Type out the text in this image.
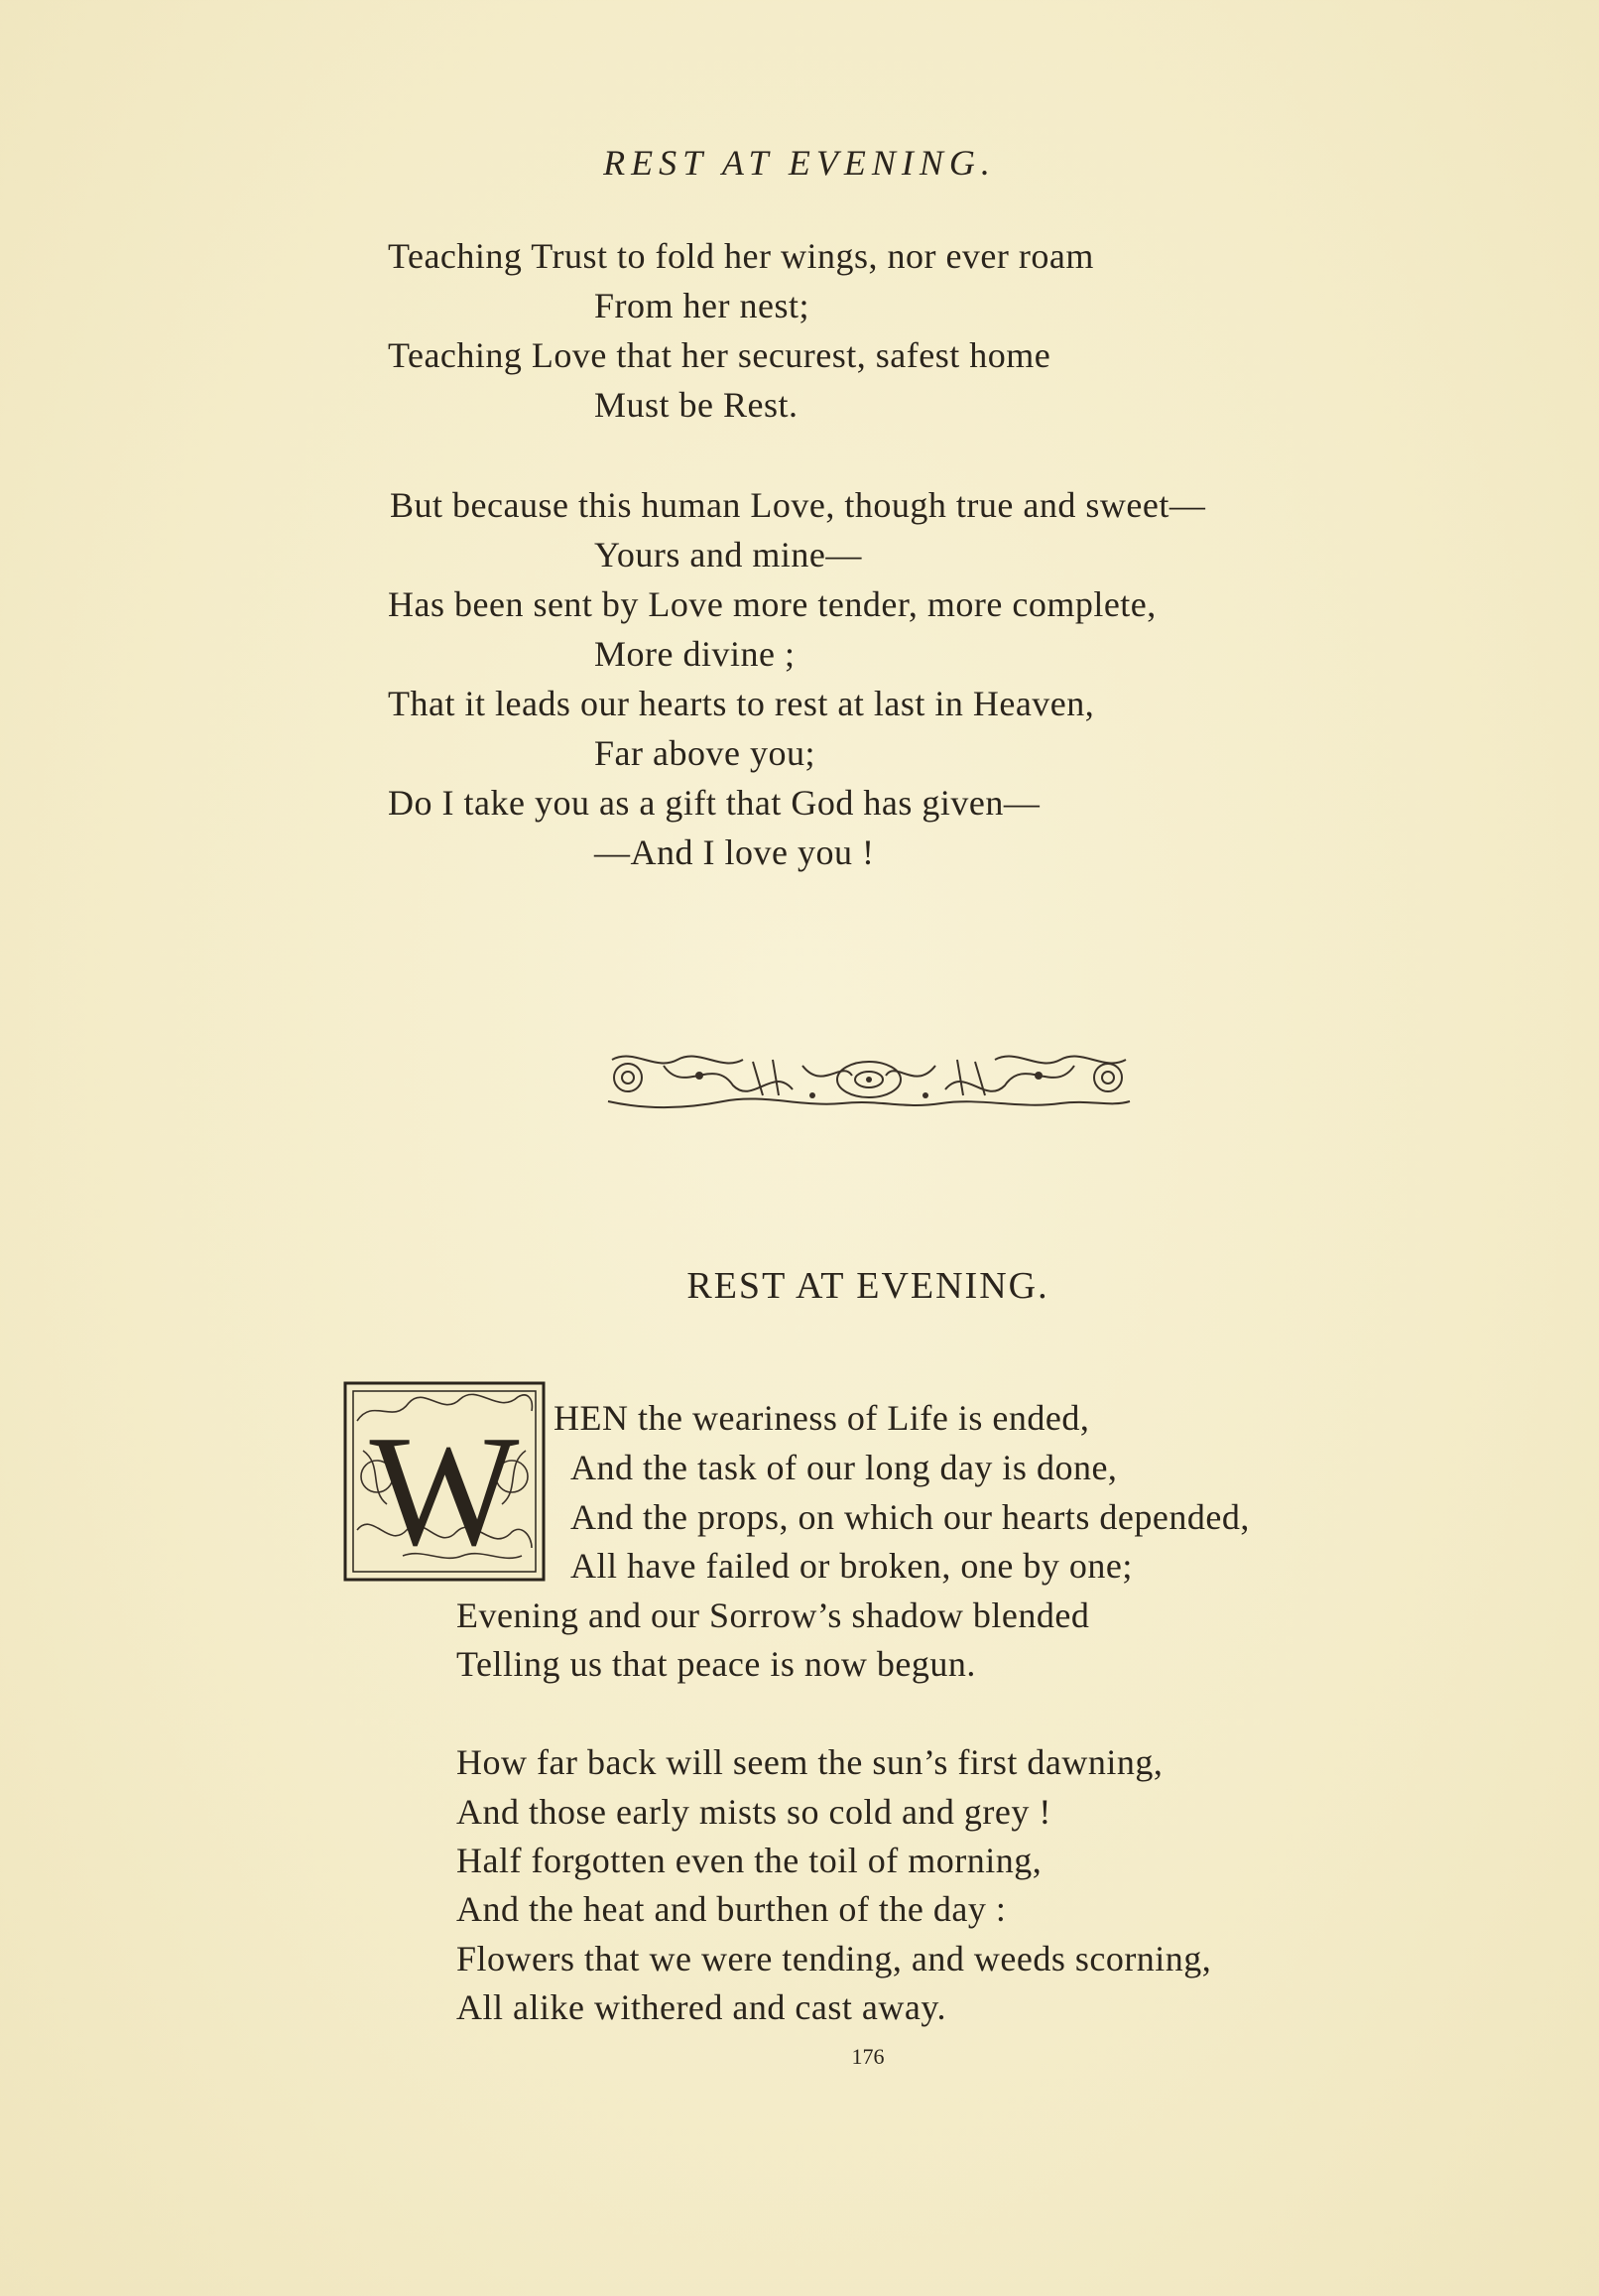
REST AT EVENING.
Teaching Trust to fold her wings, nor ever roam
From her nest;
Teaching Love that her securest, safest home
Must be Rest.
But because this human Love, though true and sweet—
Yours and mine—
Has been sent by Love more tender, more complete,
More divine ;
That it leads our hearts to rest at last in Heaven,
Far above you;
Do I take you as a gift that God has given—
—And I love you !
REST AT EVENING.
W HEN the weariness of Life is ended,
And the task of our long day is done,
And the props, on which our hearts depended,
All have failed or broken, one by one;
Evening and our Sorrow’s shadow blended
Telling us that peace is now begun.
How far back will seem the sun’s first dawning,
And those early mists so cold and grey !
Half forgotten even the toil of morning,
And the heat and burthen of the day :
Flowers that we were tending, and weeds scorning,
All alike withered and cast away.
176
